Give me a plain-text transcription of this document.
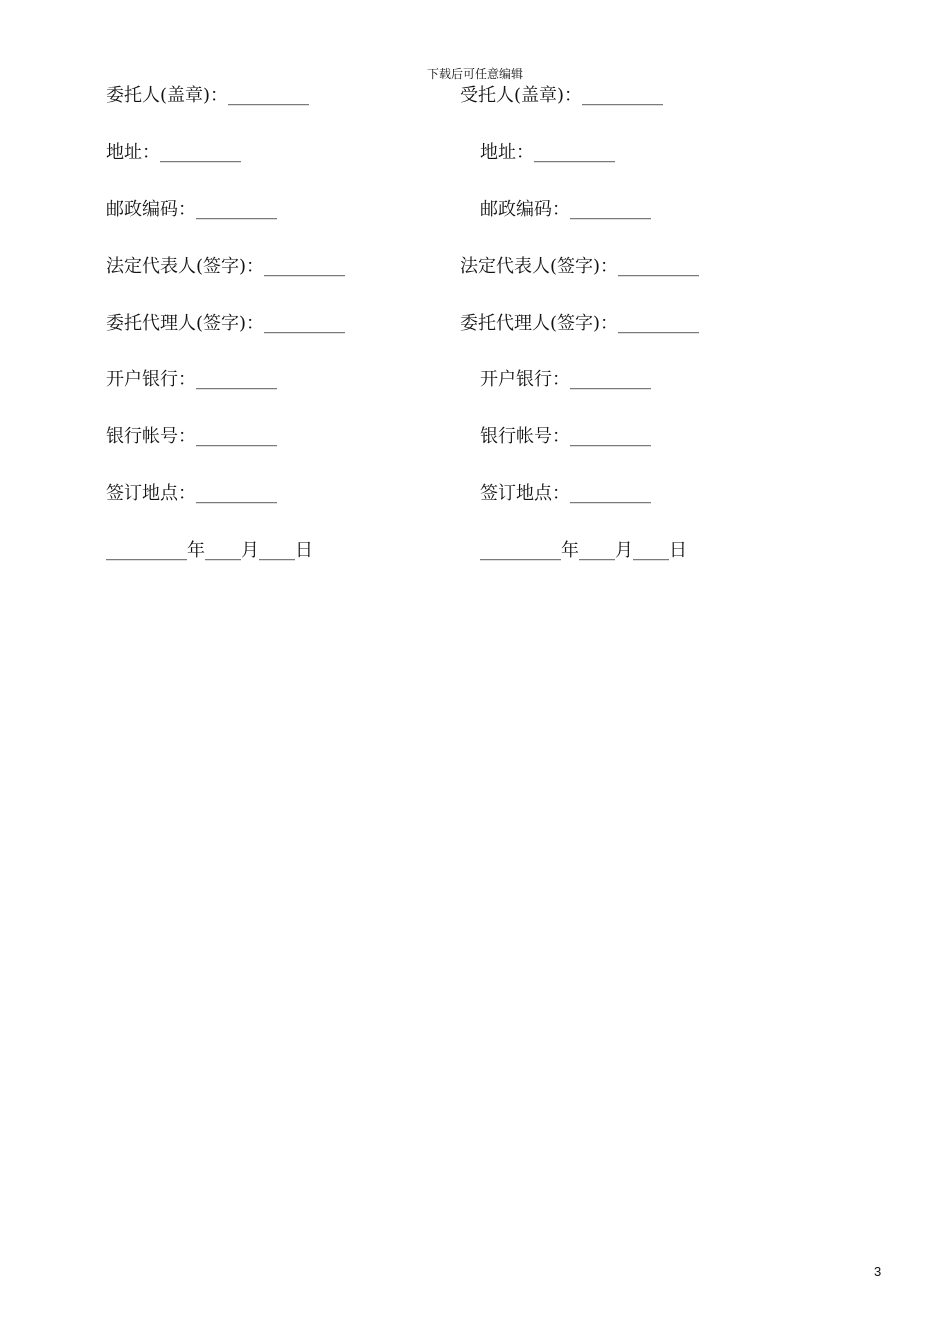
下载后可任意编辑
委托人(盖章)：_________
地址：_________
邮政编码：_________
法定代表人(签字)：_________
委托代理人(签字)：_________
开户银行：_________
银行帐号：_________
签订地点：_________
_________年____月____日
受托人(盖章)：_________
地址：_________
邮政编码：_________
法定代表人(签字)：_________
委托代理人(签字)：_________
开户银行：_________
银行帐号：_________
签订地点：_________
_________年____月____日
3
